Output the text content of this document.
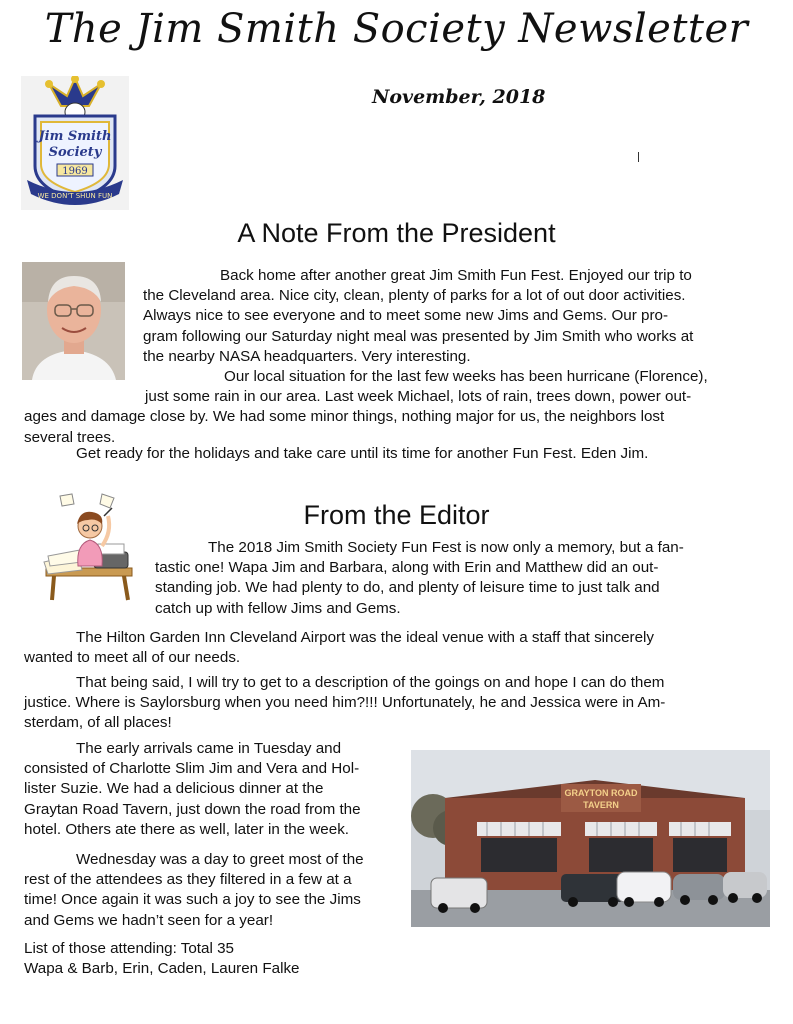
The Jim Smith Society Newsletter
November, 2018
Jim Smith
Society
1969
WE DON'T SHUN FUN
A Note From the President
Back home after another great Jim Smith Fun Fest. Enjoyed our trip to
the Cleveland area. Nice city, clean, plenty of parks for a lot of out door activities.
Always nice to see everyone and to meet some new Jims and Gems. Our pro-
gram following our Saturday night meal was presented by Jim Smith who works at
the nearby NASA headquarters. Very interesting.
Our local situation for the last few weeks has been hurricane (Florence),
just some rain in our area. Last week Michael, lots of rain, trees down, power out-
ages and damage close by. We had some minor things, nothing major for us, the neighbors lost
several trees.
Get ready for the holidays and take care until its time for another Fun Fest. Eden Jim.
From the Editor
The 2018 Jim Smith Society Fun Fest is now only a memory, but a fan-
tastic one! Wapa Jim and Barbara, along with Erin and Matthew did an out-
standing job. We had plenty to do, and plenty of leisure time to just talk and
catch up with fellow Jims and Gems.
The Hilton Garden Inn Cleveland Airport was the ideal venue with a staff that sincerely
wanted to meet all of our needs.
That being said, I will try to get to a description of the goings on and hope I can do them
justice. Where is Saylorsburg when you need him?!!! Unfortunately, he and Jessica were in Am-
sterdam, of all places!
The early arrivals came in Tuesday and
consisted of Charlotte Slim Jim and Vera and Hol-
lister Suzie. We had a delicious dinner at the
Graytan Road Tavern, just down the road from the
hotel. Others ate there as well, later in the week.
Wednesday was a day to greet most of the
rest of the attendees as they filtered in a few at a
time! Once again it was such a joy to see the Jims
and Gems we hadn’t seen for a year!
List of those attending: Total 35
Wapa & Barb, Erin, Caden, Lauren Falke
GRAYTON ROAD
TAVERN
